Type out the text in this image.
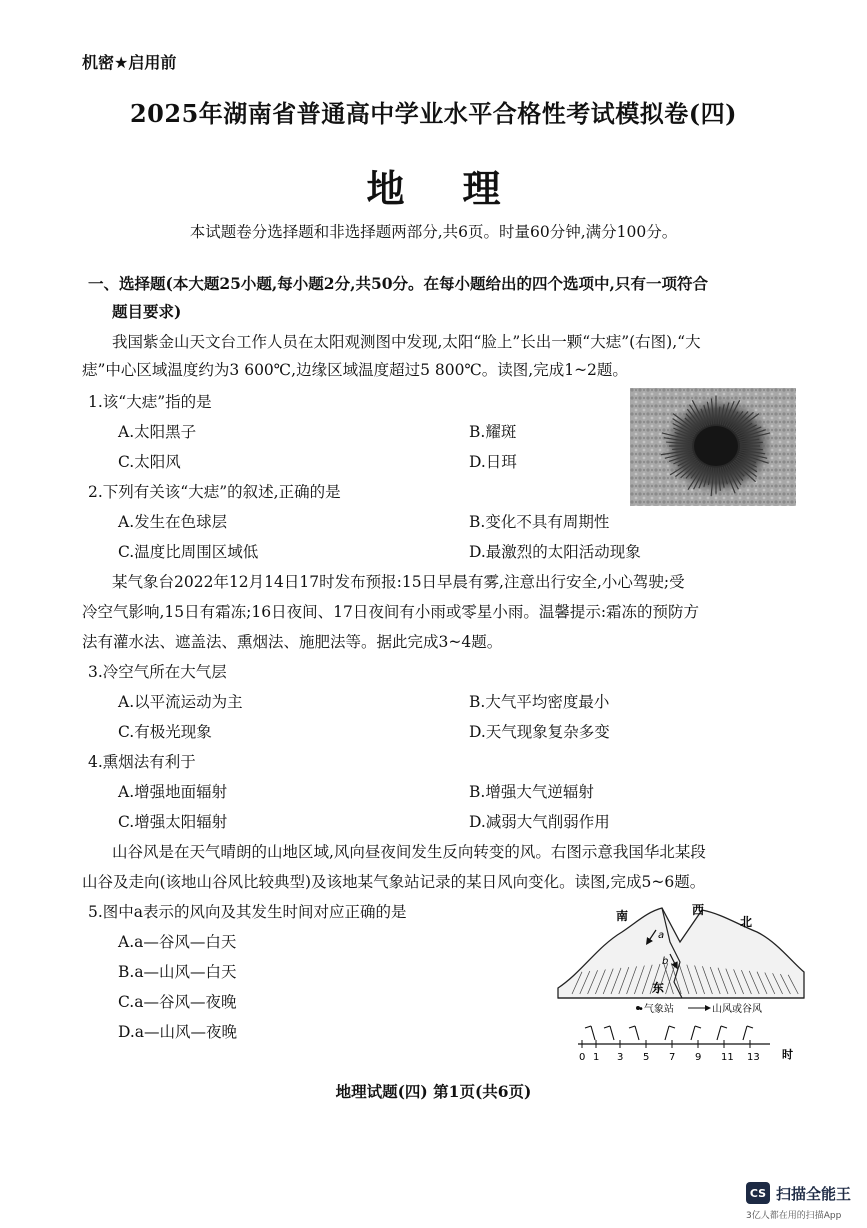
机密★启用前
2025年湖南省普通高中学业水平合格性考试模拟卷(四)
地理
本试题卷分选择题和非选择题两部分,共6页。时量60分钟,满分100分。
一、选择题(本大题25小题,每小题2分,共50分。在每小题给出的四个选项中,只有一项符合
题目要求)
我国紫金山天文台工作人员在太阳观测图中发现,太阳“脸上”长出一颗“大痣”(右图),“大
痣”中心区域温度约为3 600℃,边缘区域温度超过5 800℃。读图,完成1~2题。
1.该“大痣”指的是
A.太阳黑子	B.耀斑
C.太阳风	D.日珥
2.下列有关该“大痣”的叙述,正确的是
A.发生在色球层	B.变化不具有周期性
C.温度比周围区域低	D.最激烈的太阳活动现象
某气象台2022年12月14日17时发布预报:15日早晨有雾,注意出行安全,小心驾驶;受
冷空气影响,15日有霜冻;16日夜间、17日夜间有小雨或零星小雨。温馨提示:霜冻的预防方
法有灌水法、遮盖法、熏烟法、施肥法等。据此完成3~4题。
3.冷空气所在大气层
A.以平流运动为主	B.大气平均密度最小
C.有极光现象	D.天气现象复杂多变
4.熏烟法有利于
A.增强地面辐射	B.增强大气逆辐射
C.增强太阳辐射	D.减弱大气削弱作用
山谷风是在天气晴朗的山地区域,风向昼夜间发生反向转变的风。右图示意我国华北某段
山谷及走向(该地山谷风比较典型)及该地某气象站记录的某日风向变化。读图,完成5~6题。
5.图中a表示的风向及其发生时间对应正确的是
A.a—谷风—白天
B.a—山风—白天
C.a—谷风—夜晚
D.a—山风—夜晚
南	西
北
东
a
b
•气象站	山风或谷风
0 1 3 5 7 9 11 13 时
地理试题(四) 第1页(共6页)
CS 扫描全能王
3亿人都在用的扫描App
